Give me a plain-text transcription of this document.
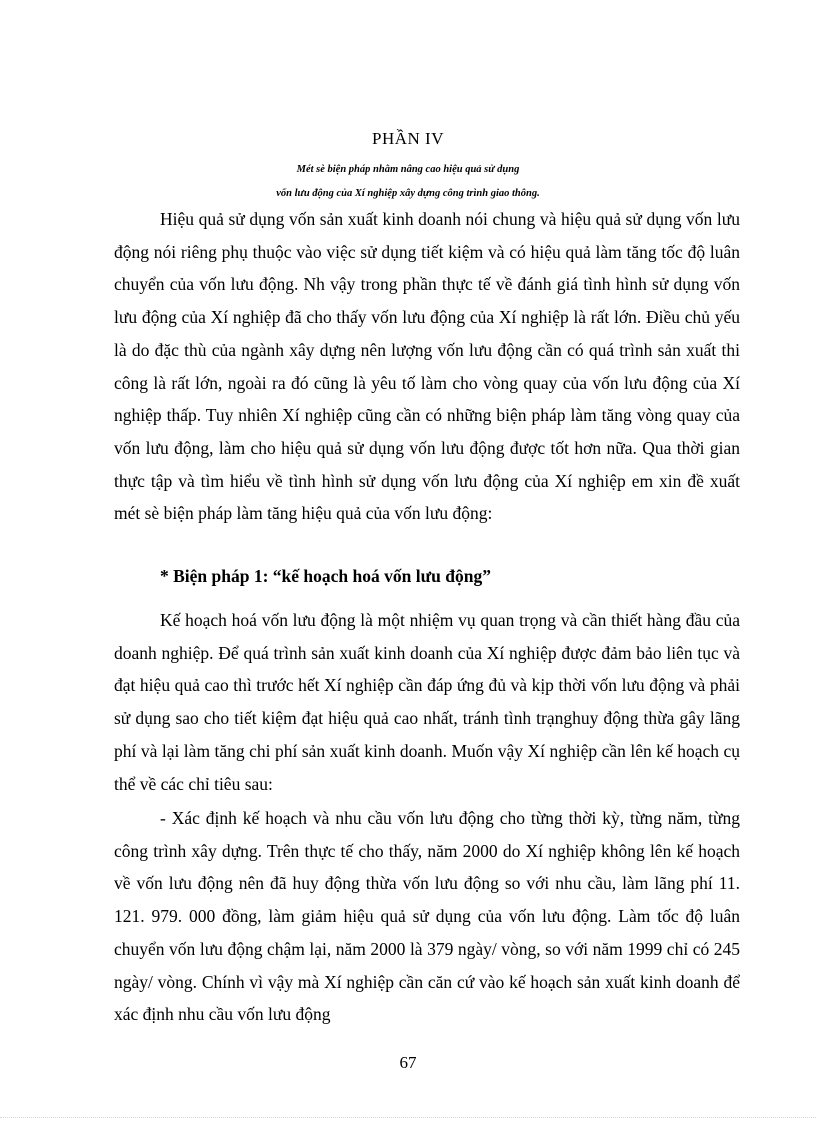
PHẦN IV
Mét sè biện pháp nhằm nâng cao hiệu quả sử dụng
vốn lưu động của Xí nghiệp xây dựng công trình giao thông.

Hiệu quả sử dụng vốn sản xuất kinh doanh nói chung và hiệu quả sử dụng vốn lưu động nói riêng phụ thuộc vào việc sử dụng tiết kiệm và có hiệu quả làm tăng tốc độ luân chuyển của vốn lưu động. Nh vậy trong phần thực tế về đánh giá tình hình sử dụng vốn lưu động của Xí nghiệp đã cho thấy vốn lưu động của Xí nghiệp là rất lớn. Điều chủ yếu là do đặc thù của ngành xây dựng nên lượng vốn lưu động cần có quá trình sản xuất thi công là rất lớn, ngoài ra đó cũng là yêu tố làm cho vòng quay của vốn lưu động của Xí nghiệp thấp. Tuy nhiên Xí nghiệp cũng cần có những biện pháp làm tăng vòng quay của vốn lưu động, làm cho hiệu quả sử dụng vốn lưu động được tốt hơn nữa. Qua thời gian thực tập và tìm hiểu về tình hình sử dụng vốn lưu động của Xí nghiệp em xin đề xuất mét sè biện pháp làm tăng hiệu quả của vốn lưu động:

* Biện pháp 1: “kế hoạch hoá vốn lưu động”

Kế hoạch hoá vốn lưu động là một nhiệm vụ quan trọng và cần thiết hàng đầu của doanh nghiệp. Để quá trình sản xuất kinh doanh của Xí nghiệp được đảm bảo liên tục và đạt hiệu quả cao thì trước hết Xí nghiệp cần đáp ứng đủ và kịp thời vốn lưu động và phải sử dụng sao cho tiết kiệm đạt hiệu quả cao nhất, tránh tình trạnghuy động thừa gây lãng phí và lại làm tăng chi phí sản xuất kinh doanh. Muốn vậy Xí nghiệp cần lên kế hoạch cụ thể về các chỉ tiêu sau:

- Xác định kế hoạch và nhu cầu vốn lưu động cho từng thời kỳ, từng năm, từng công trình xây dựng. Trên thực tế cho thấy, năm 2000 do Xí nghiệp không lên kế hoạch về vốn lưu động nên đã huy động thừa vốn lưu động so với nhu cầu, làm lãng phí 11. 121. 979. 000 đồng, làm giảm hiệu quả sử dụng của vốn lưu động. Làm tốc độ luân chuyển vốn lưu động chậm lại, năm 2000 là 379 ngày/ vòng, so với năm 1999 chỉ có 245 ngày/ vòng. Chính vì vậy mà Xí nghiệp cần căn cứ vào kế hoạch sản xuất kinh doanh để xác định nhu cầu vốn lưu động

67
